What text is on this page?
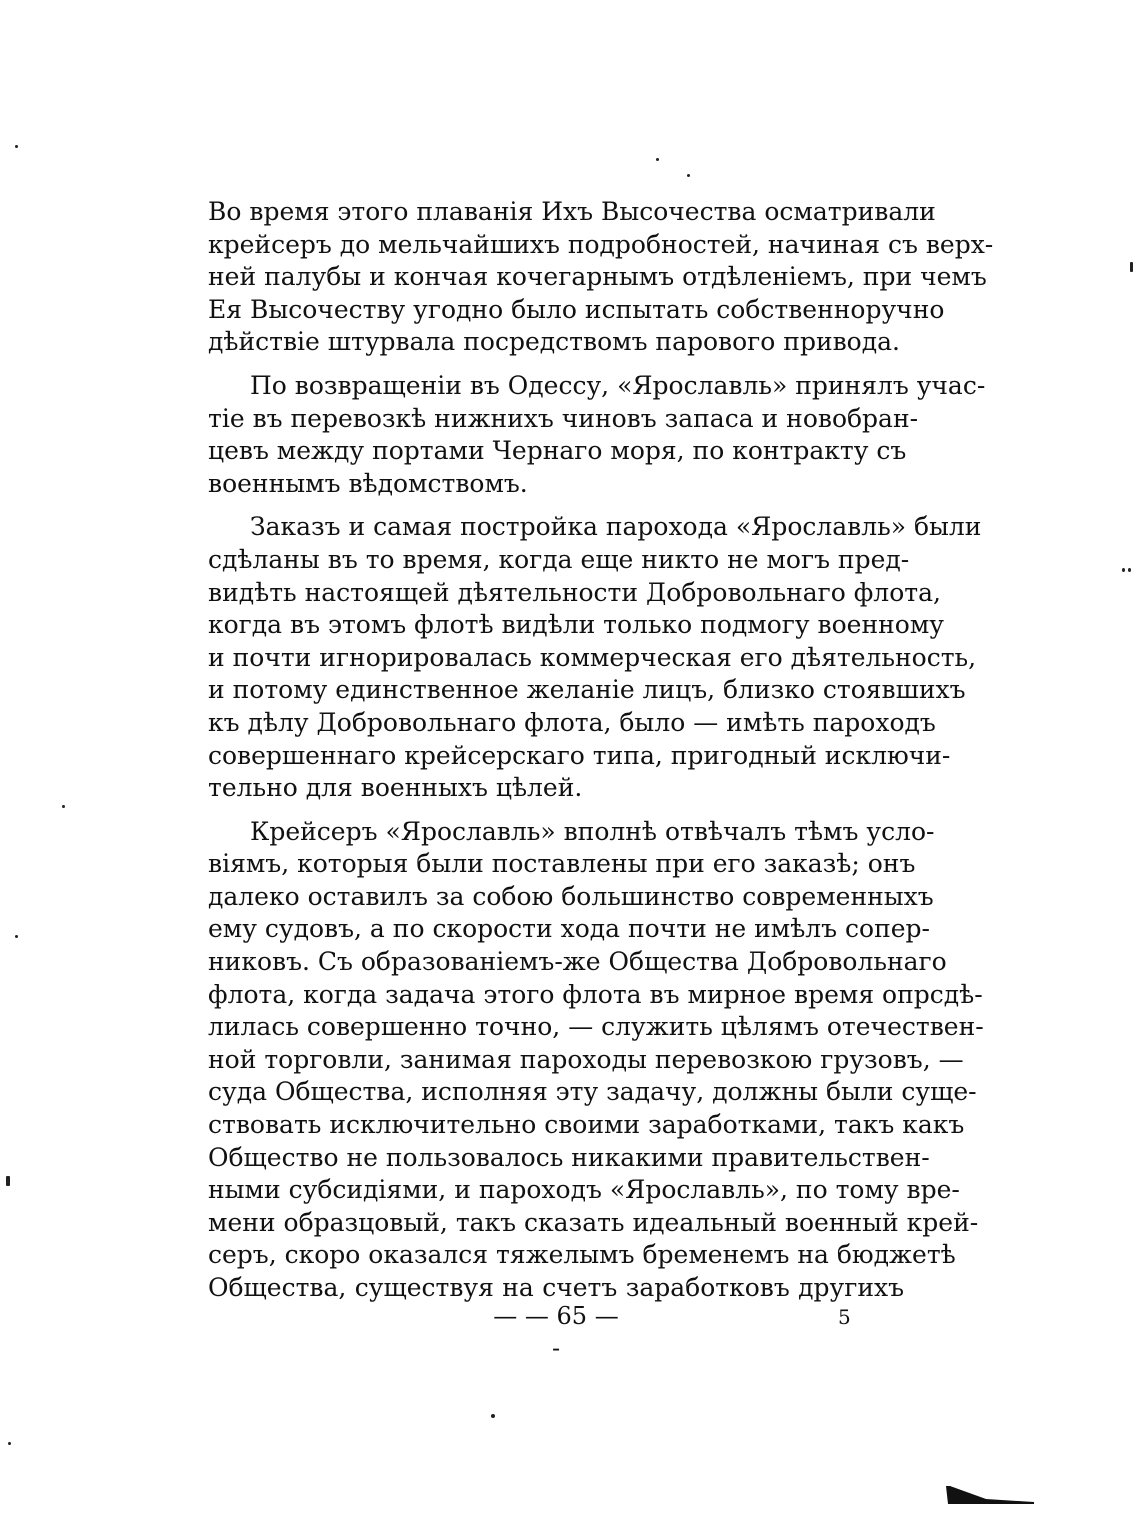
Во время этого плаванія Ихъ Высочества осматривали
крейсеръ до мельчайшихъ подробностей, начиная съ верх-
ней палубы и кончая кочегарнымъ отдѣленіемъ, при чемъ
Ея Высочеству угодно было испытать собственноручно
дѣйствіе штурвала посредствомъ парового привода.
По возвращеніи въ Одессу, «Ярославль» принялъ учас-
тіе въ перевозкѣ нижнихъ чиновъ запаса и новобран-
цевъ между портами Чернаго моря, по контракту съ
военнымъ вѣдомствомъ.
Заказъ и самая постройка парохода «Ярославль» были
сдѣланы въ то время, когда еще никто не могъ пред-
видѣть настоящей дѣятельности Добровольнаго флота,
когда въ этомъ флотѣ видѣли только подмогу военному
и почти игнорировалась коммерческая его дѣятельность,
и потому единственное желаніе лицъ, близко стоявшихъ
къ дѣлу Добровольнаго флота, было — имѣть пароходъ
совершеннаго крейсерскаго типа, пригодный исключи-
тельно для военныхъ цѣлей.
Крейсеръ «Ярославль» вполнѣ отвѣчалъ тѣмъ усло-
віямъ, которыя были поставлены при его заказѣ; онъ
далеко оставилъ за собою большинство современныхъ
ему судовъ, а по скорости хода почти не имѣлъ сопер-
никовъ. Съ образованіемъ-же Общества Добровольнаго
флота, когда задача этого флота въ мирное время опрсдѣ-
лилась совершенно точно, — служить цѣлямъ отечествен-
ной торговли, занимая пароходы перевозкою грузовъ, —
суда Общества, исполняя эту задачу, должны были суще-
ствовать исключительно своими заработками, такъ какъ
Общество не пользовалось никакими правительствен-
ными субсидіями, и пароходъ «Ярославль», по тому вре-
мени образцовый, такъ сказать идеальный военный крей-
серъ, скоро оказался тяжелымъ бременемъ на бюджетѣ
Общества, существуя на счетъ заработковъ другихъ
— — 65 — -
5
